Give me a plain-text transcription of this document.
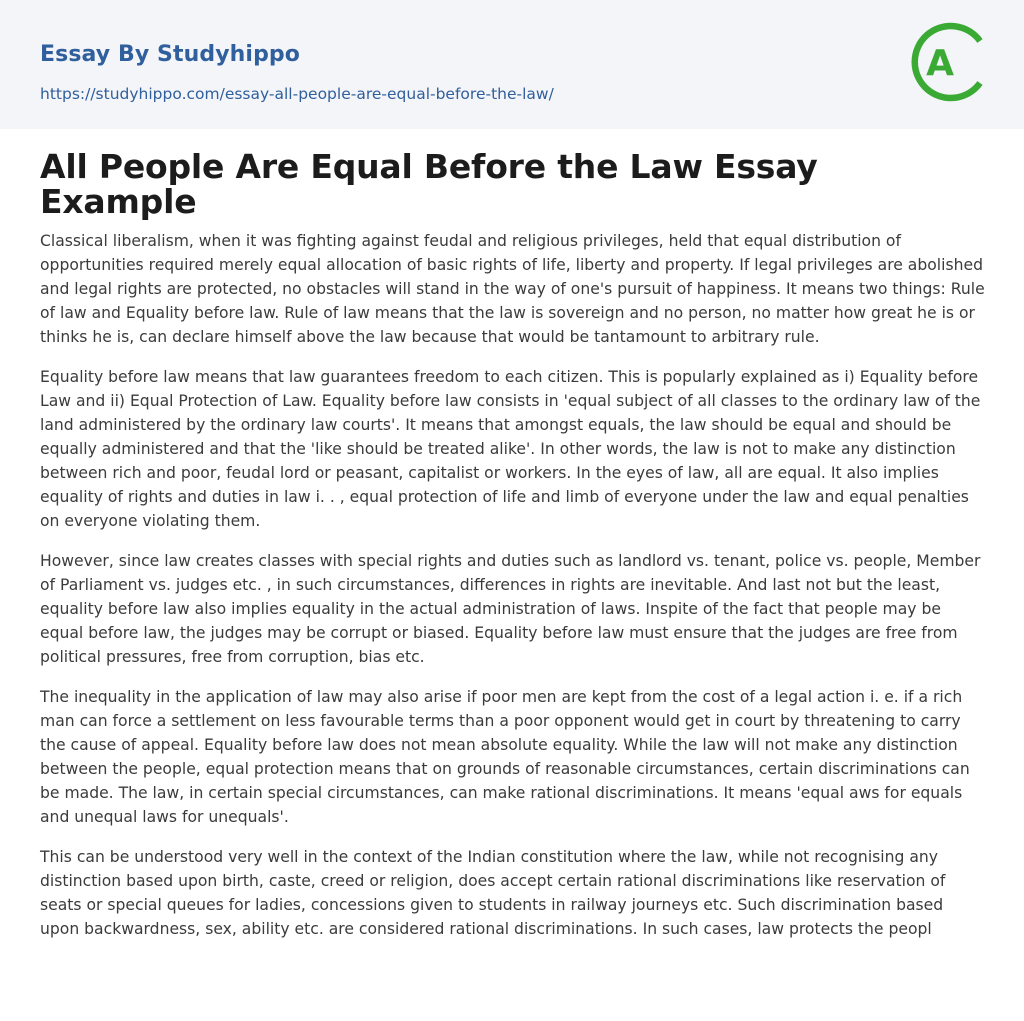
Essay By Studyhippo
https://studyhippo.com/essay-all-people-are-equal-before-the-law/
A
All People Are Equal Before the Law Essay Example

Classical liberalism, when it was fighting against feudal and religious privileges, held that equal distribution of opportunities required merely equal allocation of basic rights of life, liberty and property. If legal privileges are abolished and legal rights are protected, no obstacles will stand in the way of one's pursuit of happiness. It means two things: Rule of law and Equality before law. Rule of law means that the law is sovereign and no person, no matter how great he is or thinks he is, can declare himself above the law because that would be tantamount to arbitrary rule.

Equality before law means that law guarantees freedom to each citizen. This is popularly explained as i) Equality before Law and ii) Equal Protection of Law. Equality before law consists in 'equal subject of all classes to the ordinary law of the land administered by the ordinary law courts'. It means that amongst equals, the law should be equal and should be equally administered and that the 'like should be treated alike'. In other words, the law is not to make any distinction between rich and poor, feudal lord or peasant, capitalist or workers. In the eyes of law, all are equal. It also implies equality of rights and duties in law i. . , equal protection of life and limb of everyone under the law and equal penalties on everyone violating them.

However, since law creates classes with special rights and duties such as landlord vs. tenant, police vs. people, Member of Parliament vs. judges etc. , in such circumstances, differences in rights are inevitable. And last not but the least, equality before law also implies equality in the actual administration of laws. Inspite of the fact that people may be equal before law, the judges may be corrupt or biased. Equality before law must ensure that the judges are free from political pressures, free from corruption, bias etc.

The inequality in the application of law may also arise if poor men are kept from the cost of a legal action i. e. if a rich man can force a settlement on less favourable terms than a poor opponent would get in court by threatening to carry the cause of appeal. Equality before law does not mean absolute equality. While the law will not make any distinction between the people, equal protection means that on grounds of reasonable circumstances, certain discriminations can be made. The law, in certain special circumstances, can make rational discriminations. It means 'equal aws for equals and unequal laws for unequals'.

This can be understood very well in the context of the Indian constitution where the law, while not recognising any distinction based upon birth, caste, creed or religion, does accept certain rational discriminations like reservation of seats or special queues for ladies, concessions given to students in railway journeys etc. Such discrimination based upon backwardness, sex, ability etc. are considered rational discriminations. In such cases, law protects the peopl
